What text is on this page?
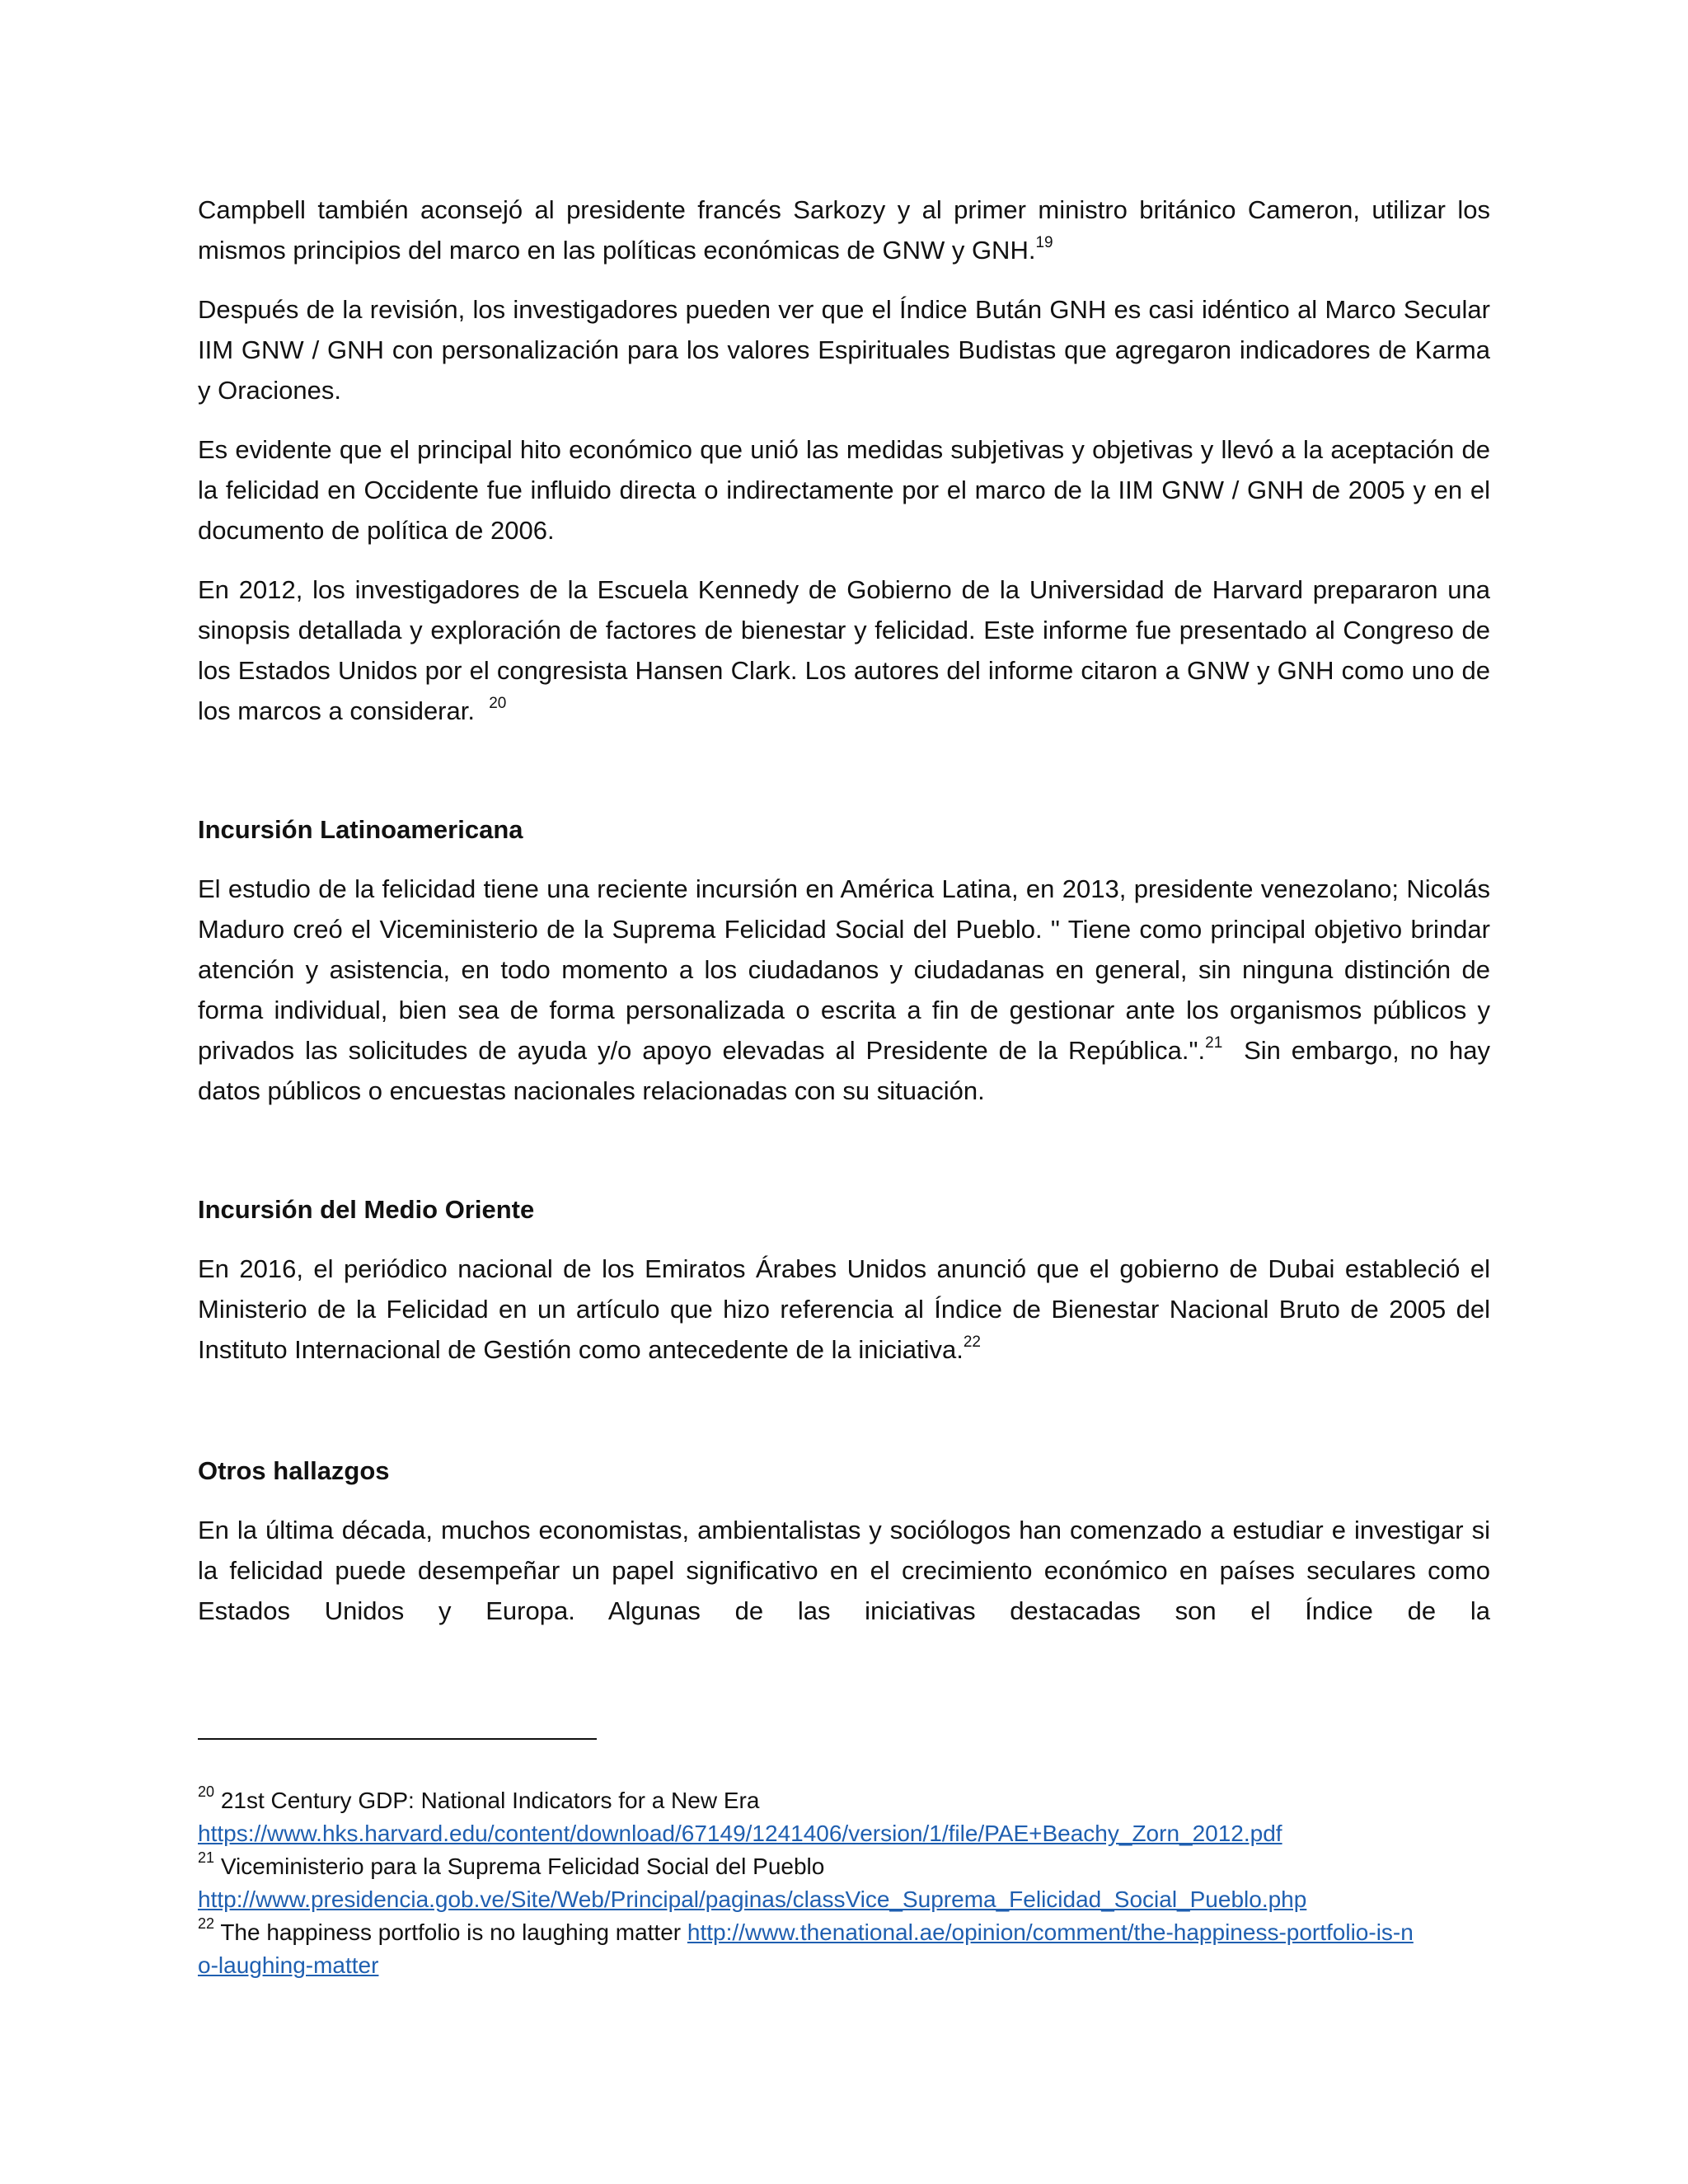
Campbell también aconsejó al presidente francés Sarkozy y al primer ministro británico Cameron, utilizar los mismos principios del marco en las políticas económicas de GNW y GNH.$^{19}$

Después de la revisión, los investigadores pueden ver que el Índice Bután GNH es casi idéntico al Marco Secular IIM GNW / GNH con personalización para los valores Espirituales Budistas que agregaron indicadores de Karma y Oraciones.

Es evidente que el principal hito económico que unió las medidas subjetivas y objetivas y llevó a la aceptación de la felicidad en Occidente fue influido directa o indirectamente por el marco de la IIM GNW / GNH de 2005 y en el documento de política de 2006.

En 2012, los investigadores de la Escuela Kennedy de Gobierno de la Universidad de Harvard prepararon una sinopsis detallada y exploración de factores de bienestar y felicidad. Este informe fue presentado al Congreso de los Estados Unidos por el congresista Hansen Clark. Los autores del informe citaron a GNW y GNH como uno de los marcos a considerar. $^{20}$

Incursión Latinoamericana

El estudio de la felicidad tiene una reciente incursión en América Latina, en 2013, presidente venezolano; Nicolás Maduro creó el Viceministerio de la Suprema Felicidad Social del Pueblo. " Tiene como principal objetivo brindar atención y asistencia, en todo momento a los ciudadanos y ciudadanas en general, sin ninguna distinción de forma individual, bien sea de forma personalizada o escrita a fin de gestionar ante los organismos públicos y privados las solicitudes de ayuda y/o apoyo elevadas al Presidente de la República.".$^{21}$ Sin embargo, no hay datos públicos o encuestas nacionales relacionadas con su situación.

Incursión del Medio Oriente

En 2016, el periódico nacional de los Emiratos Árabes Unidos anunció que el gobierno de Dubai estableció el Ministerio de la Felicidad en un artículo que hizo referencia al Índice de Bienestar Nacional Bruto de 2005 del Instituto Internacional de Gestión como antecedente de la iniciativa.$^{22}$

Otros hallazgos

En la última década, muchos economistas, ambientalistas y sociólogos han comenzado a estudiar e investigar si la felicidad puede desempeñar un papel significativo en el crecimiento económico en países seculares como Estados Unidos y Europa. Algunas de las iniciativas destacadas son el Índice de la

$^{20}$ 21st Century GDP: National Indicators for a New Era

https://www.hks.harvard.edu/content/download/67149/1241406/version/1/file/PAE+Beachy_Zorn_2012.pdf

$^{21}$ Viceministerio para la Suprema Felicidad Social del Pueblo

http://www.presidencia.gob.ve/Site/Web/Principal/paginas/classVice_Suprema_Felicidad_Social_Pueblo.php

$^{22}$ The happiness portfolio is no laughing matter http://www.thenational.ae/opinion/comment/the-happiness-portfolio-is-no-laughing-matter
